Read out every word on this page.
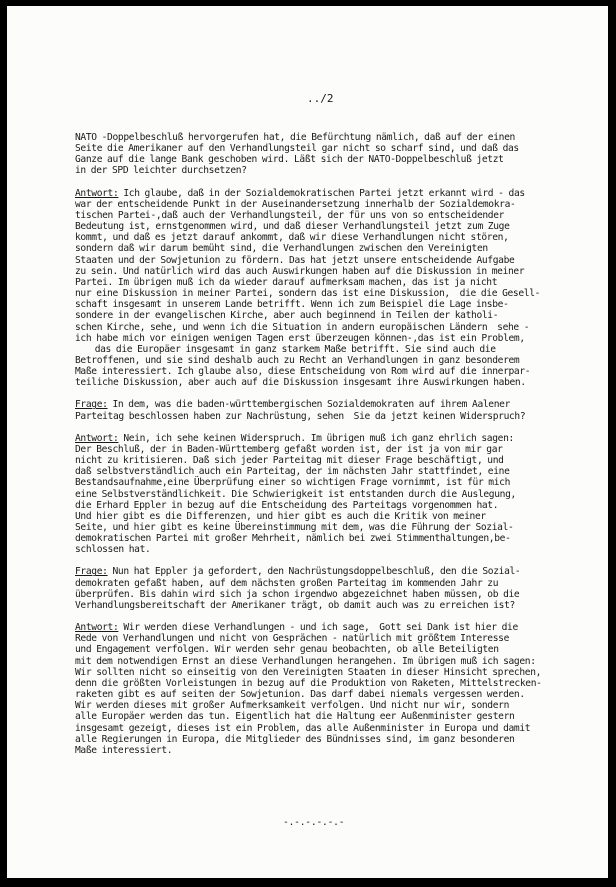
../2
NATO -Doppelbeschluß hervorgerufen hat, die Befürchtung nämlich, daß auf der einen
Seite die Amerikaner auf den Verhandlungsteil gar nicht so scharf sind, und daß das
Ganze auf die lange Bank geschoben wird. Läßt sich der NATO-Doppelbeschluß jetzt
in der SPD leichter durchsetzen?
Antwort: Ich glaube, daß in der Sozialdemokratischen Partei jetzt erkannt wird - das
war der entscheidende Punkt in der Auseinandersetzung innerhalb der Sozialdemokra-
tischen Partei-,daß auch der Verhandlungsteil, der für uns von so entscheidender
Bedeutung ist, ernstgenommen wird, und daß dieser Verhandlungsteil jetzt zum Zuge
kommt, und daß es jetzt darauf ankommt, daß wir diese Verhandlungen nicht stören,
sondern daß wir darum bemüht sind, die Verhandlungen zwischen den Vereinigten
Staaten und der Sowjetunion zu fördern. Das hat jetzt unsere entscheidende Aufgabe
zu sein. Und natürlich wird das auch Auswirkungen haben auf die Diskussion in meiner
Partei. Im übrigen muß ich da wieder darauf aufmerksam machen, das ist ja nicht
nur eine Diskussion in meiner Partei, sondern das ist eine Diskussion,  die die Gesell-
schaft insgesamt in unserem Lande betrifft. Wenn ich zum Beispiel die Lage insbe-
sondere in der evangelischen Kirche, aber auch beginnend in Teilen der katholi-
schen Kirche, sehe, und wenn ich die Situation in andern europäischen Ländern  sehe -
ich habe mich vor einigen wenigen Tagen erst überzeugen können-,das ist ein Problem,
das die Europäer insgesamt in ganz starkem Maße betrifft. Sie sind auch die
Betroffenen, und sie sind deshalb auch zu Recht an Verhandlungen in ganz besonderem
Maße interessiert. Ich glaube also, diese Entscheidung von Rom wird auf die innerpar-
teiliche Diskussion, aber auch auf die Diskussion insgesamt ihre Auswirkungen haben.
Frage: In dem, was die baden-württembergischen Sozialdemokraten auf ihrem Aalener
Parteitag beschlossen haben zur Nachrüstung, sehen  Sie da jetzt keinen Widerspruch?
Antwort: Nein, ich sehe keinen Widerspruch. Im übrigen muß ich ganz ehrlich sagen:
Der Beschluß, der in Baden-Württemberg gefaßt worden ist, der ist ja von mir gar
nicht zu kritisieren. Daß sich jeder Parteitag mit dieser Frage beschäftigt, und
daß selbstverständlich auch ein Parteitag, der im nächsten Jahr stattfindet, eine
Bestandsaufnahme,eine Überprüfung einer so wichtigen Frage vornimmt, ist für mich
eine Selbstverständlichkeit. Die Schwierigkeit ist entstanden durch die Auslegung,
die Erhard Eppler in bezug auf die Entscheidung des Parteitags vorgenommen hat.
Und hier gibt es die Differenzen, und hier gibt es auch die Kritik von meiner
Seite, und hier gibt es keine Übereinstimmung mit dem, was die Führung der Sozial-
demokratischen Partei mit großer Mehrheit, nämlich bei zwei Stimmenthaltungen,be-
schlossen hat.
Frage: Nun hat Eppler ja gefordert, den Nachrüstungsdoppelbeschluß, den die Sozial-
demokraten gefaßt haben, auf dem nächsten großen Parteitag im kommenden Jahr zu
überprüfen. Bis dahin wird sich ja schon irgendwo abgezeichnet haben müssen, ob die
Verhandlungsbereitschaft der Amerikaner trägt, ob damit auch was zu erreichen ist?
Antwort: Wir werden diese Verhandlungen - und ich sage,  Gott sei Dank ist hier die
Rede von Verhandlungen und nicht von Gesprächen - natürlich mit größtem Interesse
und Engagement verfolgen. Wir werden sehr genau beobachten, ob alle Beteiligten
mit dem notwendigen Ernst an diese Verhandlungen herangehen. Im übrigen muß ich sagen:
Wir sollten nicht so einseitig von den Vereinigten Staaten in dieser Hinsicht sprechen,
denn die größten Vorleistungen in bezug auf die Produktion von Raketen, Mittelstrecken-
raketen gibt es auf seiten der Sowjetunion. Das darf dabei niemals vergessen werden.
Wir werden dieses mit großer Aufmerksamkeit verfolgen. Und nicht nur wir, sondern
alle Europäer werden das tun. Eigentlich hat die Haltung eer Außenminister gestern
insgesamt gezeigt, dieses ist ein Problem, das alle Außenminister in Europa und damit
alle Regierungen in Europa, die Mitglieder des Bündnisses sind, im ganz besonderen
Maße interessiert.
-.-.-.-.-.-
